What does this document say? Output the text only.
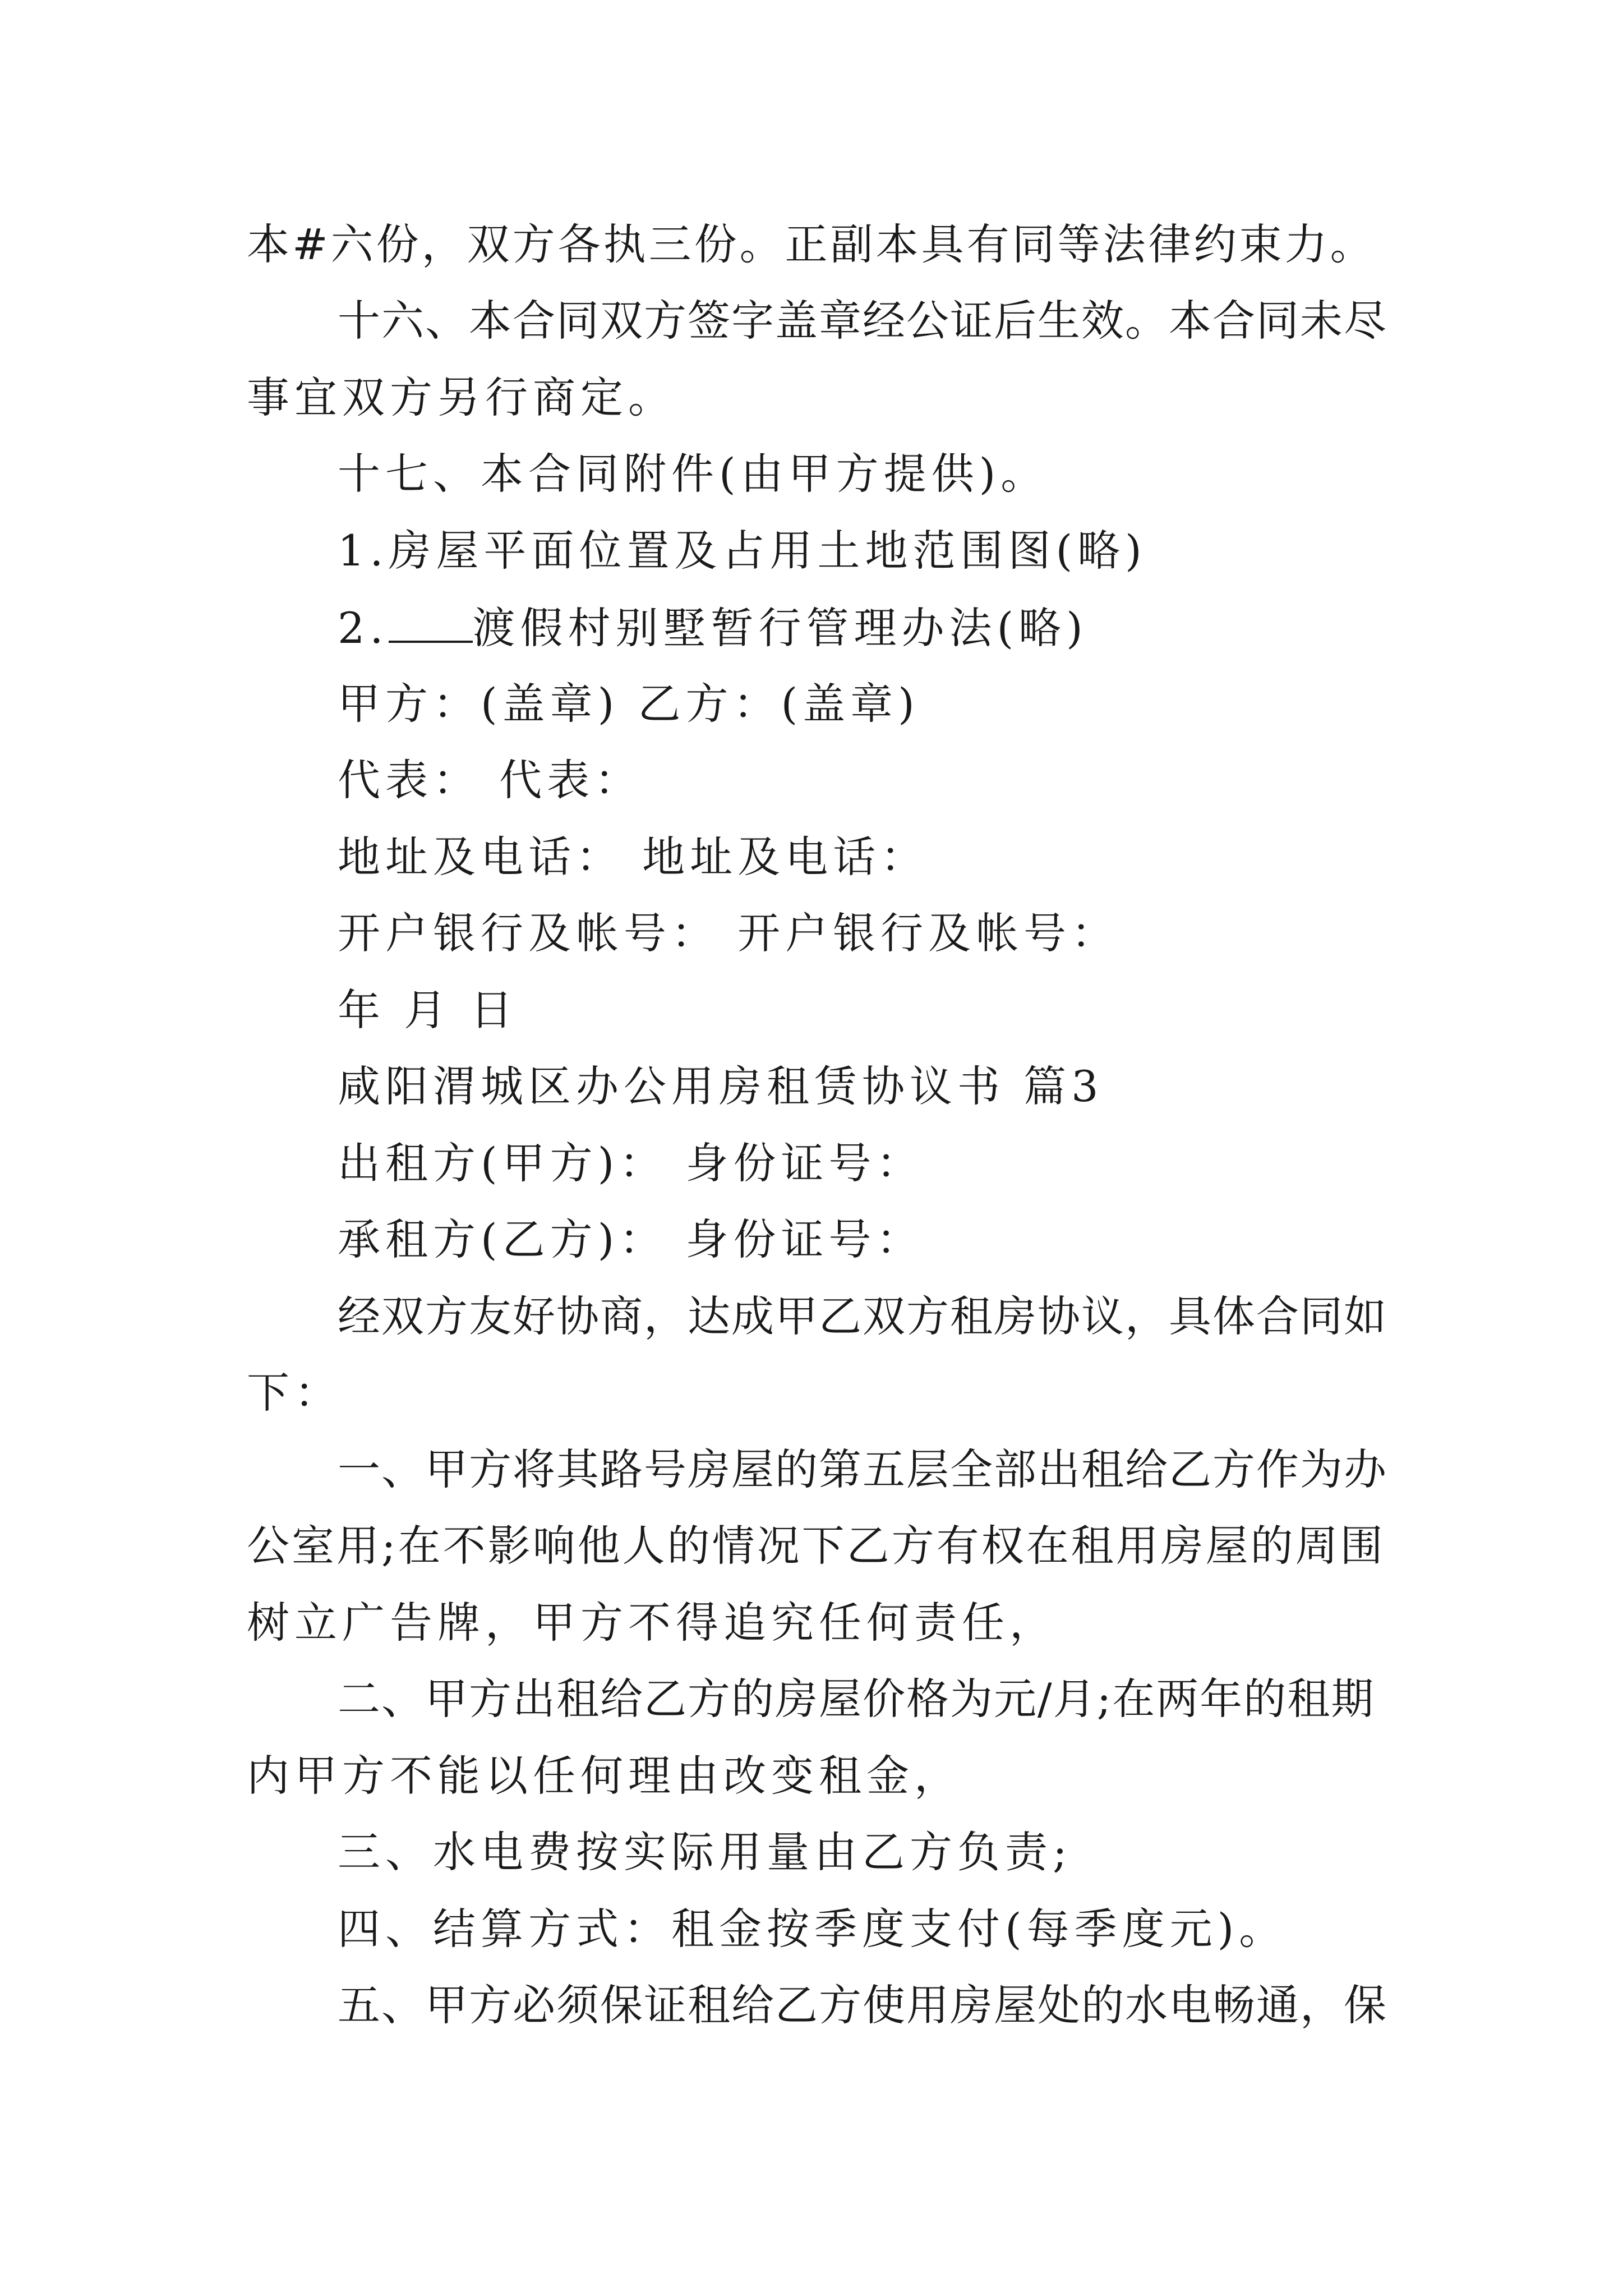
本#六份，双方各执三份。正副本具有同等法律约束力。
十六、本合同双方签字盖章经公证后生效。本合同未尽
事宜双方另行商定。
十七、本合同附件(由甲方提供)。
1.房屋平面位置及占用土地范围图(略)
2. 渡假村别墅暂行管理办法(略)
甲方：(盖章) 乙方：(盖章)
代表： 代表：
地址及电话： 地址及电话：
开户银行及帐号： 开户银行及帐号：
年 月 日
咸阳渭城区办公用房租赁协议书 篇3
出租方(甲方)： 身份证号：
承租方(乙方)： 身份证号：
经双方友好协商，达成甲乙双方租房协议，具体合同如
下：
一、甲方将其路号房屋的第五层全部出租给乙方作为办
公室用;在不影响他人的情况下乙方有权在租用房屋的周围
树立广告牌，甲方不得追究任何责任，
二、甲方出租给乙方的房屋价格为元/月;在两年的租期
内甲方不能以任何理由改变租金，
三、水电费按实际用量由乙方负责;
四、结算方式：租金按季度支付(每季度元)。
五、甲方必须保证租给乙方使用房屋处的水电畅通，保
